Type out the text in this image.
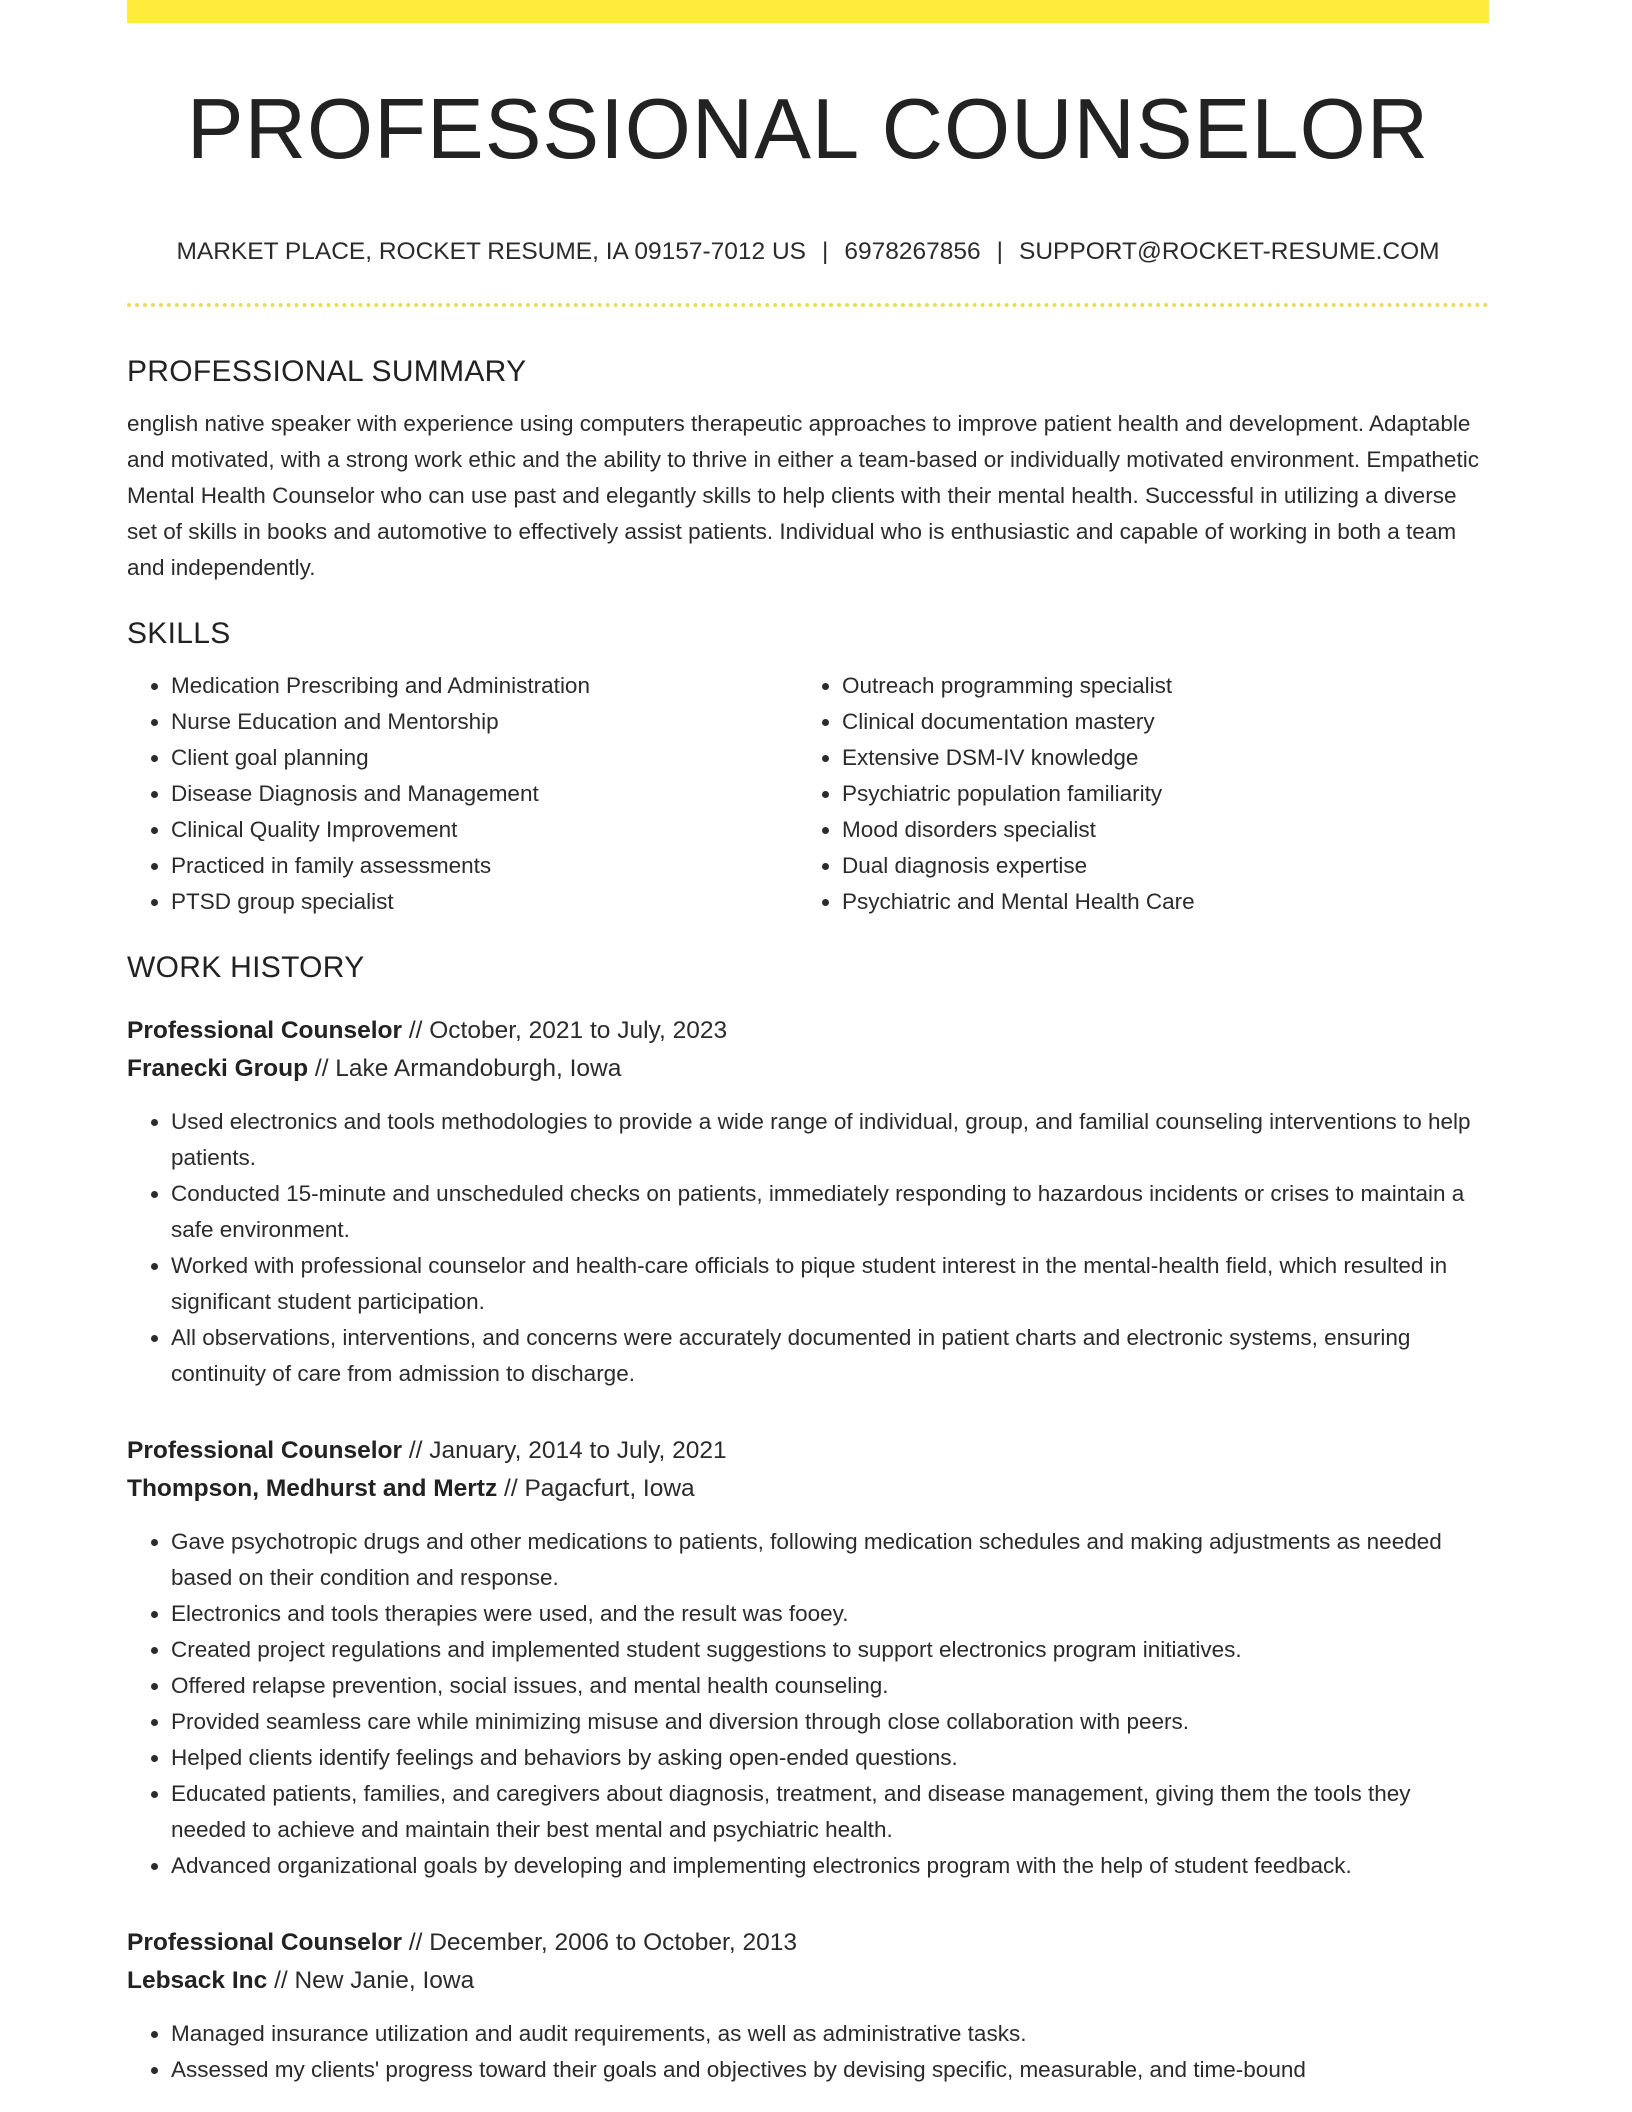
PROFESSIONAL COUNSELOR
MARKET PLACE, ROCKET RESUME, IA 09157-7012 US | 6978267856 | SUPPORT@ROCKET-RESUME.COM
PROFESSIONAL SUMMARY

english native speaker with experience using computers therapeutic approaches to improve patient health and development. Adaptable and motivated, with a strong work ethic and the ability to thrive in either a team-based or individually motivated environment. Empathetic Mental Health Counselor who can use past and elegantly skills to help clients with their mental health. Successful in utilizing a diverse set of skills in books and automotive to effectively assist patients. Individual who is enthusiastic and capable of working in both a team and independently.

SKILLS
• Medication Prescribing and Administration
• Nurse Education and Mentorship
• Client goal planning
• Disease Diagnosis and Management
• Clinical Quality Improvement
• Practiced in family assessments
• PTSD group specialist
• Outreach programming specialist
• Clinical documentation mastery
• Extensive DSM-IV knowledge
• Psychiatric population familiarity
• Mood disorders specialist
• Dual diagnosis expertise
• Psychiatric and Mental Health Care
WORK HISTORY
Professional Counselor // October, 2021 to July, 2023
Franecki Group // Lake Armandoburgh, Iowa
• Used electronics and tools methodologies to provide a wide range of individual, group, and familial counseling interventions to help patients.
• Conducted 15-minute and unscheduled checks on patients, immediately responding to hazardous incidents or crises to maintain a safe environment.
• Worked with professional counselor and health-care officials to pique student interest in the mental-health field, which resulted in significant student participation.
• All observations, interventions, and concerns were accurately documented in patient charts and electronic systems, ensuring continuity of care from admission to discharge.
Professional Counselor // January, 2014 to July, 2021
Thompson, Medhurst and Mertz // Pagacfurt, Iowa
• Gave psychotropic drugs and other medications to patients, following medication schedules and making adjustments as needed based on their condition and response.
• Electronics and tools therapies were used, and the result was fooey.
• Created project regulations and implemented student suggestions to support electronics program initiatives.
• Offered relapse prevention, social issues, and mental health counseling.
• Provided seamless care while minimizing misuse and diversion through close collaboration with peers.
• Helped clients identify feelings and behaviors by asking open-ended questions.
• Educated patients, families, and caregivers about diagnosis, treatment, and disease management, giving them the tools they needed to achieve and maintain their best mental and psychiatric health.
• Advanced organizational goals by developing and implementing electronics program with the help of student feedback.
Professional Counselor // December, 2006 to October, 2013
Lebsack Inc // New Janie, Iowa
• Managed insurance utilization and audit requirements, as well as administrative tasks.
• Assessed my clients' progress toward their goals and objectives by devising specific, measurable, and time-bound
